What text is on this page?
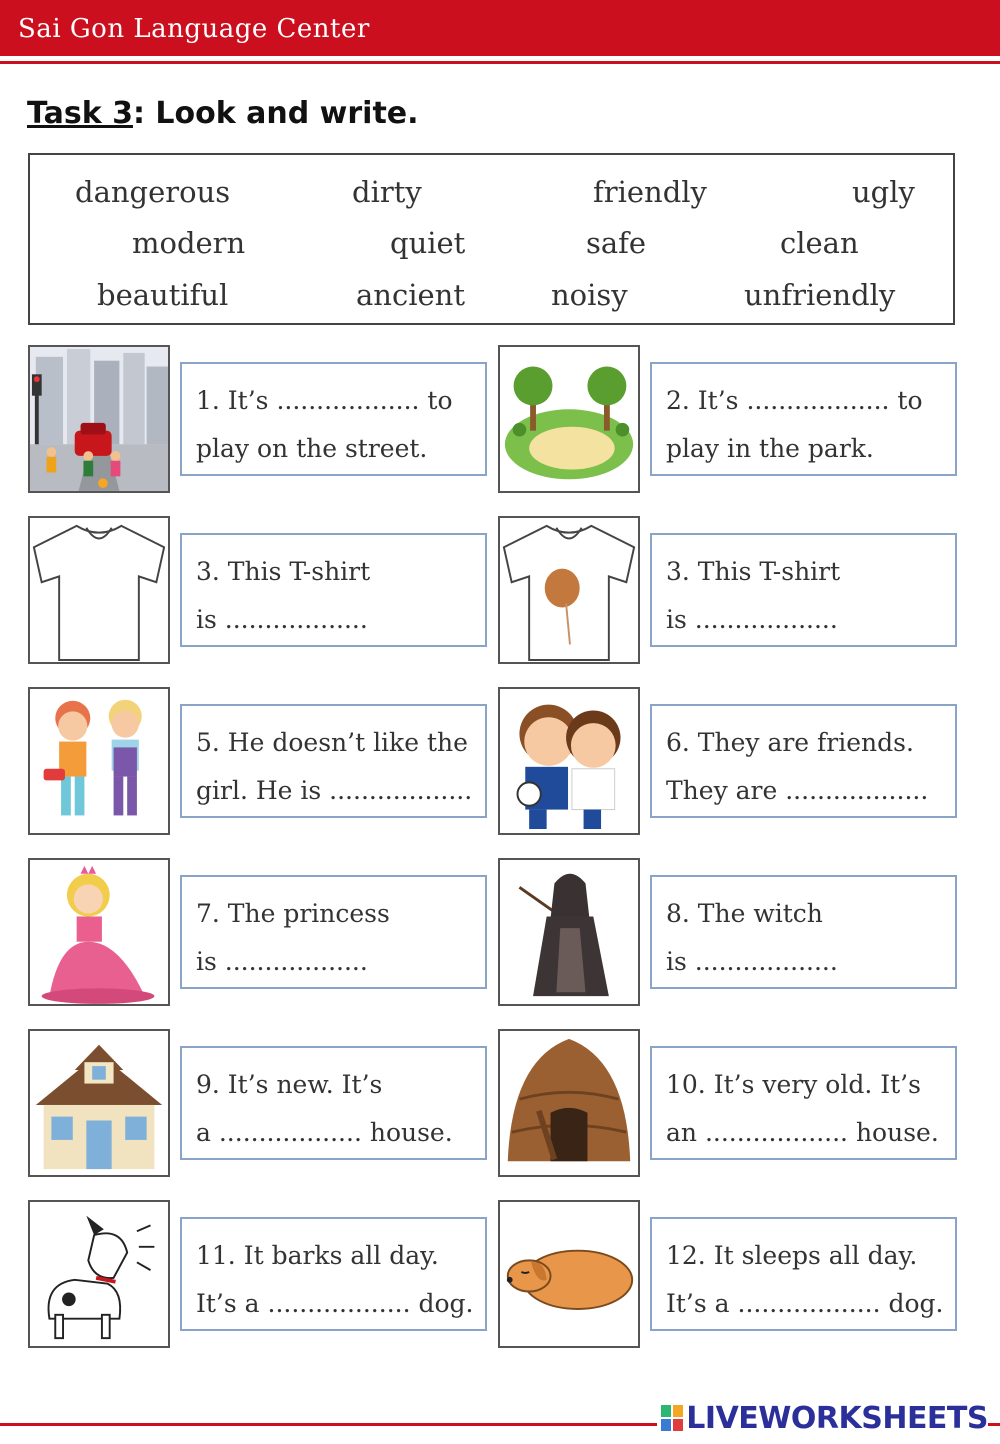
Sai Gon Language Center
Task 3: Look and write.
dangerous	dirty	friendly	ugly
modern	quiet	safe	clean
beautiful	ancient	noisy	unfriendly
1. It’s .................. to
play on the street.
2. It’s .................. to
play in the park.
3. This T-shirt
is ..................
3. This T-shirt
is ..................
5. He doesn’t like the
girl. He is ..................
6. They are friends.
They are ..................
7. The princess
is ..................
8. The witch
is ..................
9. It’s new. It’s
a .................. house.
10. It’s very old. It’s
an .................. house.
11. It barks all day.
It’s a .................. dog.
12. It sleeps all day.
It’s a .................. dog.
LIVEWORKSHEETS
